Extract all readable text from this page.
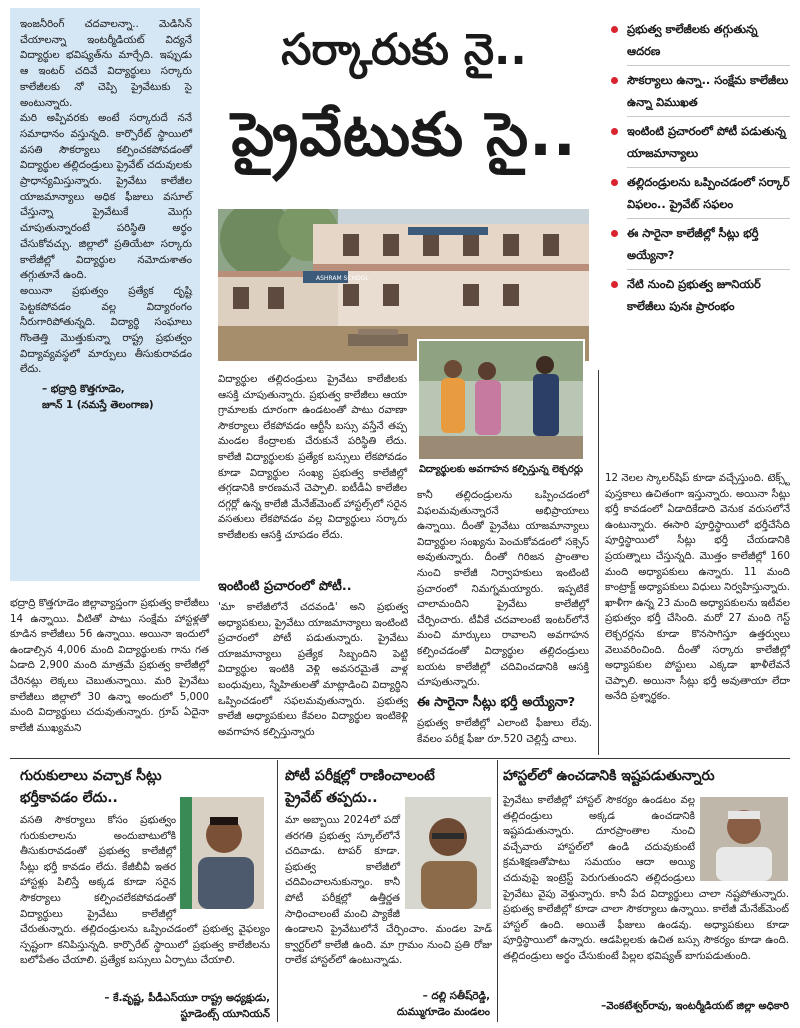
ఇంజనీరింగ్ చదవాలన్నా.. మెడిసిన్ చేయాలన్నా ఇంటర్మీడియట్ విద్యనే విద్యార్థుల భవిష్యత్‌ను మార్చేది. ఇప్పుడు ఆ ఇంటర్ చదివే విద్యార్థులు సర్కారు కాలేజీలకు నో చెప్పి ప్రైవేటుకు సై అంటున్నారు.

మరి అప్పివరకు అంటే సర్కారుదే ననే సమాధానం వస్తున్నది. కార్పొరేట్ స్థాయిలో వసతి సౌకర్యాలు కల్పించకపోవడంతో విద్యార్థుల తల్లిదండ్రులు ప్రైవేట్ చదువులకు ప్రాధాన్యమిస్తున్నారు. ప్రైవేటు కాలేజీల యాజమాన్యాలు అధిక ఫీజులు వసూల్ చేస్తున్నా ప్రైవేటుకే మొగ్గు చూపుతున్నారంటే పరిస్థితి అర్థం చేసుకోవచ్చు. జిల్లాలో ప్రతియేటా సర్కారు కాలేజీల్లో విద్యార్థుల నమోదుశాతం తగ్గుతూనే ఉంది.

అయినా ప్రభుత్వం ప్రత్యేక దృష్టి పెట్టకపోవడం వల్ల విద్యారంగం నీరుగారిపోతున్నది. విద్యార్థి సంఘాలు గొంతెత్తి మొత్తుకున్నా రాష్ట్ర ప్రభుత్వం విద్యావ్యవస్థలో మార్పులు తీసుకురావడం లేదు.

– భద్రాద్రి కొత్తగూడెం,
జూన్ 1 (నమస్తే తెలంగాణ)
సర్కారుకు నై..
ప్రైవేటుకు సై..
ప్రభుత్వ కాలేజీలకు తగ్గుతున్న ఆదరణ
సౌకర్యాలు ఉన్నా.. సంక్షేమ కాలేజీలు ఉన్నా విముఖత
ఇంటింటి ప్రచారంలో పోటీ పడుతున్న యాజమాన్యాలు
తల్లిదండ్రులను ఒప్పించడంలో సర్కార్ విఫలం.. ప్రైవేట్ సఫలం
ఈ సారైనా కాలేజీల్లో సీట్లు భర్తీ అయ్యేనా?
నేటి నుంచి ప్రభుత్వ జూనియర్ కాలేజీలు పునః ప్రారంభం
ASHRAM SCHOOL
విద్యార్థులకు అవగాహన కల్పిస్తున్న లెక్చరర్లు
విద్యార్థుల తల్లిదండ్రులు ప్రైవేటు కాలేజీలకు ఆసక్తి చూపుతున్నారు. ప్రభుత్వ కాలేజీలు ఆయా గ్రామాలకు దూరంగా ఉండటంతో పాటు రవాణా సౌకర్యాలు లేకపోవడం ఆర్టీసీ బస్సు వస్తేనే తప్ప మండల కేంద్రాలకు చేరుకునే పరిస్థితి లేదు. కాలేజీ విద్యార్థులకు ప్రత్యేక బస్సులు లేకపోవడం కూడా విద్యార్థుల సంఖ్య ప్రభుత్వ కాలేజీల్లో తగ్గడానికి కారణమనే చెప్పాలి. ఐటీడీఏ కాలేజీల దగ్గర్లో ఉన్న కాలేజీ మేనేజ్‌మెంట్ హాస్టల్స్‌లో సరైన వసతులు లేకపోవడం వల్ల విద్యార్థులు సర్కారు కాలేజీలకు ఆసక్తి చూపడం లేదు.
కానీ తల్లిదండ్రులను ఒప్పించడంలో విఫలమవుతున్నారనే అభిప్రాయాలు ఉన్నాయి. దీంతో ప్రైవేటు యాజమాన్యాలు విద్యార్థుల సంఖ్యను పెంచుకోవడంలో సక్సెస్ అవుతున్నారు. దీంతో గిరిజన ప్రాంతాల నుంచి కాలేజీ నిర్వాహకులు ఇంటింటి ప్రచారంలో నిమగ్నమయ్యారు. ఇప్పటికే చాలామందిని ప్రైవేటు కాలేజీల్లో చేర్పించారు. టీవీకే చదవాలంటే ఇంటర్‌లోనే మంచి మార్కులు రావాలని అవగాహన కల్పించడంతో విద్యార్థుల తల్లిదండ్రులు బయట కాలేజీల్లో చదివించడానికి ఆసక్తి చూపుతున్నారు.
12 నెలల స్కాలర్‌షిప్ కూడా వచ్చేస్తుంది. టెక్స్ట్ పుస్తకాలు ఉచితంగా ఇస్తున్నారు. అయినా సీట్లు భర్తీ కావడంలో ఏడాదికేడాది వెనుక వరుసలోనే ఉంటున్నారు. ఈసారి పూర్తిస్థాయిలో భర్తీచేసేది పూర్తిస్థాయిలో సీట్లు భర్తీ చేయడానికి ప్రయత్నాలు చేస్తున్నది. మొత్తం కాలేజీల్లో 160 మంది అధ్యాపకులు ఉన్నారు. 11 మంది కాంట్రాక్ట్ అధ్యాపకులు విధులు నిర్వహిస్తున్నారు. ఖాళీగా ఉన్న 23 మంది అధ్యాపకులను ఇటీవల ప్రభుత్వం భర్తీ చేసింది. మరో 27 మంది గెస్ట్ లెక్చరర్లను కూడా కొనసాగిస్తూ ఉత్తర్వులు వెలువరించింది. దీంతో సర్కారు కాలేజీల్లో అధ్యాపకుల పోస్టులు ఎక్కడా ఖాళీలేవనే చెప్పాలి. అయినా సీట్లు భర్తీ అవుతాయా లేదా అనేది ప్రశ్నార్థకం.
భద్రాద్రి కొత్తగూడెం జిల్లావ్యాప్తంగా ప్రభుత్వ కాలేజీలు 14 ఉన్నాయి. వీటితో పాటు సంక్షేమ హాస్టళ్లతో కూడిన కాలేజీలు 56 ఉన్నాయి. అయినా ఇందులో ఉండాల్సిన 4,006 మంది విద్యార్థులకు గాను గత ఏడాది 2,900 మంది మాత్రమే ప్రభుత్వ కాలేజీల్లో చేరినట్లు లెక్కలు చెబుతున్నాయి. మరి ప్రైవేటు కాలేజీలు జిల్లాలో 30 ఉన్నా అందులో 5,000 మంది విద్యార్థులు చదువుతున్నారు. గ్రూప్ ఏదైనా కాలేజీ ముఖ్యమని
ఇంటింటి ప్రచారంలో పోటీ..
'మా కాలేజీలోనే చదవండి' అని ప్రభుత్వ అధ్యాపకులు, ప్రైవేటు యాజమాన్యాలు ఇంటింటి ప్రచారంలో పోటీ పడుతున్నారు. ప్రైవేటు యాజమాన్యాలు ప్రత్యేక సిబ్బందిని పెట్టి విద్యార్థుల ఇంటికి వెళ్లి అవసరమైతే వాళ్ల బంధువులు, స్నేహితులతో మాట్లాడించి విద్యార్థిని ఒప్పించడంలో సఫలమవుతున్నారు. ప్రభుత్వ కాలేజీ అధ్యాపకులు కేవలం విద్యార్థుల ఇంటికెళ్లి అవగాహన కల్పిస్తున్నారు
ఈ సారైనా సీట్లు భర్తీ అయ్యేనా?
ప్రభుత్వ కాలేజీల్లో ఎలాంటి ఫీజులు లేవు. కేవలం పరీక్ష ఫీజు రూ.520 చెల్లిస్తే చాలు.
గురుకులాలు వచ్చాక సీట్లు
భర్తీకావడం లేదు..
వసతి సౌకర్యాలు కోసం ప్రభుత్వం గురుకులాలను అందుబాటులోకి తీసుకురావడంతో ప్రభుత్వ కాలేజీల్లో సీట్లు భర్తీ కావడం లేదు. కేజీబీవీ ఇతర హాస్టళ్లు పిలిస్తే అక్కడ కూడా సరైన సౌకర్యాలు కల్పించలేకపోవడంతో విద్యార్థులు ప్రైవేటు కాలేజీల్లో చేరుతున్నారు. తల్లిదండ్రులను ఒప్పించడంలో ప్రభుత్వ వైఫల్యం స్పష్టంగా కనిపిస్తున్నది. కార్పొరేట్ స్థాయిలో ప్రభుత్వ కాలేజీలను బలోపేతం చేయాలి. ప్రత్యేక బస్సులు ఏర్పాటు చేయాలి.
– కే.వృష్ణ, పీడీఎస్‌యూ రాష్ట్ర అధ్యక్షుడు,
స్టూడెంట్స్ యూనియన్
పోటీ పరీక్షల్లో రాణించాలంటే
ప్రైవేట్ తప్పదు..
మా అబ్బాయి 2024లో పదో తరగతి ప్రభుత్వ స్కూల్‌లోనే చదివాడు. టాపర్‌ కూడా. ప్రభుత్వ కాలేజీలో చదివించాలనుకున్నాం. కానీ పోటీ పరీక్షల్లో ఉత్తీర్ణత సాధించాలంటే మంచి ప్యాకేజీ ఉండాలని ప్రైవేటులోనే చేర్పించాం. మండల హెడ్ క్వార్టర్‌లో కాలేజీ ఉంది. మా గ్రామం నుంచి ప్రతి రోజు రాలేక హాస్టల్‌లో ఉంటున్నాడు.
– దల్లి సతీష్‌రెడ్డి,
దుమ్ముగూడెం మండలం
హాస్టల్‌లో ఉంచడానికి ఇష్టపడుతున్నారు
ప్రైవేటు కాలేజీల్లో హాస్టల్ సౌకర్యం ఉండటం వల్ల తల్లిదండ్రులు అక్కడ ఉంచడానికి ఇష్టపడుతున్నారు. దూరప్రాంతాల నుంచి వచ్చేవారు హాస్టల్‌లో ఉండి చదువుకుంటే క్రమశిక్షణతోపాటు సమయం ఆదా అయ్యి చదువుపై ఇంట్రెస్ట్ పెరుగుతుందని తల్లిదండ్రులు ప్రైవేటు వైపు వెళ్తున్నారు. కానీ పేద విద్యార్థులు చాలా నష్టపోతున్నారు. ప్రభుత్వ కాలేజీల్లో కూడా చాలా సౌకర్యాలు ఉన్నాయి. కాలేజీ మేనేజ్‌మెంట్ హాస్టల్ ఉంది. అయితే ఫీజులు ఉండవు. అధ్యాపకులు కూడా పూర్తిస్థాయిలో ఉన్నారు. ఆడపిల్లలకు ఉచిత బస్సు సౌకర్యం కూడా ఉంది. తల్లిదండ్రులు అర్థం చేసుకుంటే పిల్లల భవిష్యత్ బాగుపడుతుంది.
–వెంకటేశ్వర్‌రావు, ఇంటర్మీడియట్ జిల్లా అధికారి
